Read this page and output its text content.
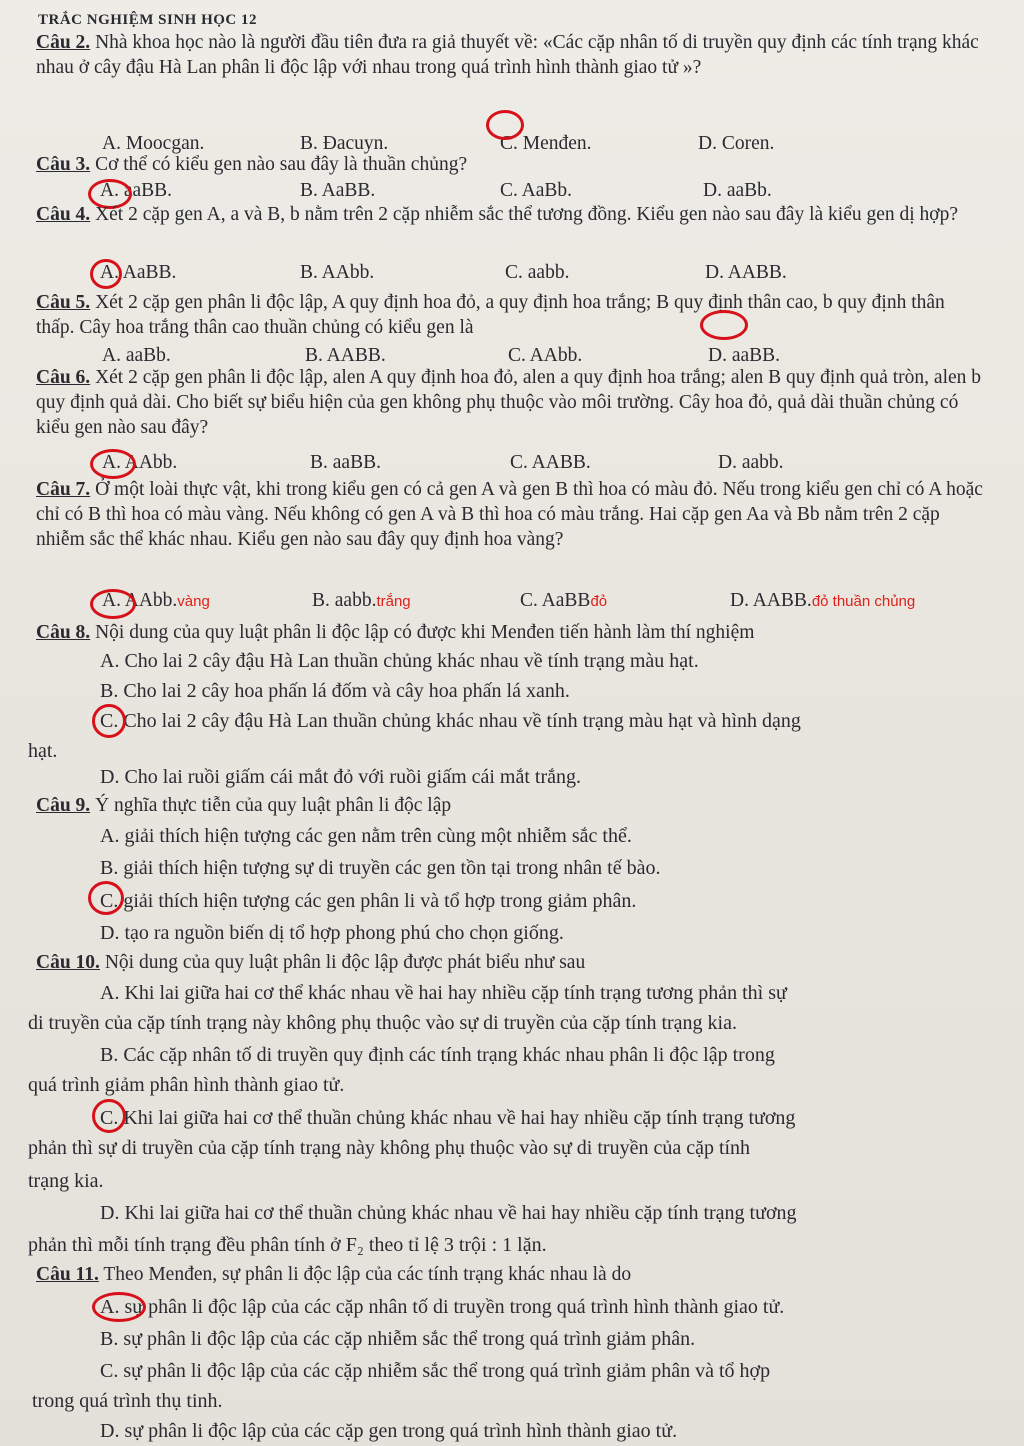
TRẮC NGHIỆM SINH HỌC 12
Câu 2. Nhà khoa học nào là người đầu tiên đưa ra giả thuyết về: «Các cặp nhân tố di truyền quy định các tính trạng khác nhau ở cây đậu Hà Lan phân li độc lập với nhau trong quá trình hình thành giao tử »?
A. Moocgan.	B. Đacuyn.	C. Menđen.	D. Coren.
Câu 3. Cơ thể có kiểu gen nào sau đây là thuần chủng?
A. aaBB.	B. AaBB.	C. AaBb.	D. aaBb.
Câu 4. Xét 2 cặp gen A, a và B, b nằm trên 2 cặp nhiễm sắc thể tương đồng. Kiểu gen nào sau đây là kiểu gen dị hợp?
A. AaBB.	B. AAbb.	C. aabb.	D. AABB.
Câu 5. Xét 2 cặp gen phân li độc lập, A quy định hoa đỏ, a quy định hoa trắng; B quy định thân cao, b quy định thân thấp. Cây hoa trắng thân cao thuần chủng có kiểu gen là
A. aaBb.	B. AABB.	C. AAbb.	D. aaBB.
Câu 6. Xét 2 cặp gen phân li độc lập, alen A quy định hoa đỏ, alen a quy định hoa trắng; alen B quy định quả tròn, alen b quy định quả dài. Cho biết sự biểu hiện của gen không phụ thuộc vào môi trường. Cây hoa đỏ, quả dài thuần chủng có kiểu gen nào sau đây?
A. AAbb.	B. aaBB.	C. AABB.	D. aabb.
Câu 7. Ở một loài thực vật, khi trong kiểu gen có cả gen A và gen B thì hoa có màu đỏ. Nếu trong kiểu gen chỉ có A hoặc chỉ có B thì hoa có màu vàng. Nếu không có gen A và B thì hoa có màu trắng. Hai cặp gen Aa và Bb nằm trên 2 cặp nhiễm sắc thể khác nhau. Kiểu gen nào sau đây quy định hoa vàng?
A. AAbb.vàng	B. aabb.trắng	C. AaBBđỏ	D. AABB.đỏ thuần chủng
Câu 8. Nội dung của quy luật phân li độc lập có được khi Menđen tiến hành làm thí nghiệm
A. Cho lai 2 cây đậu Hà Lan thuần chủng khác nhau về tính trạng màu hạt.
B. Cho lai 2 cây hoa phấn lá đốm và cây hoa phấn lá xanh.
C. Cho lai 2 cây đậu Hà Lan thuần chủng khác nhau về tính trạng màu hạt và hình dạng
hạt.
D. Cho lai ruồi giấm cái mắt đỏ với ruồi giấm cái mắt trắng.
Câu 9. Ý nghĩa thực tiễn của quy luật phân li độc lập
A. giải thích hiện tượng các gen nằm trên cùng một nhiễm sắc thể.
B. giải thích hiện tượng sự di truyền các gen tồn tại trong nhân tế bào.
C. giải thích hiện tượng các gen phân li và tổ hợp trong giảm phân.
D. tạo ra nguồn biến dị tổ hợp phong phú cho chọn giống.
Câu 10. Nội dung của quy luật phân li độc lập được phát biểu như sau
A. Khi lai giữa hai cơ thể khác nhau về hai hay nhiều cặp tính trạng tương phản thì sự
di truyền của cặp tính trạng này không phụ thuộc vào sự di truyền của cặp tính trạng kia.
B. Các cặp nhân tố di truyền quy định các tính trạng khác nhau phân li độc lập trong
quá trình giảm phân hình thành giao tử.
C. Khi lai giữa hai cơ thể thuần chủng khác nhau về hai hay nhiều cặp tính trạng tương
phản thì sự di truyền của cặp tính trạng này không phụ thuộc vào sự di truyền của cặp tính
trạng kia.
D. Khi lai giữa hai cơ thể thuần chủng khác nhau về hai hay nhiều cặp tính trạng tương
phản thì mỗi tính trạng đều phân tính ở F₂ theo tỉ lệ 3 trội : 1 lặn.
Câu 11. Theo Menđen, sự phân li độc lập của các tính trạng khác nhau là do
A. sự phân li độc lập của các cặp nhân tố di truyền trong quá trình hình thành giao tử.
B. sự phân li độc lập của các cặp nhiễm sắc thể trong quá trình giảm phân.
C. sự phân li độc lập của các cặp nhiễm sắc thể trong quá trình giảm phân và tổ hợp
trong quá trình thụ tinh.
D. sự phân li độc lập của các cặp gen trong quá trình hình thành giao tử.
